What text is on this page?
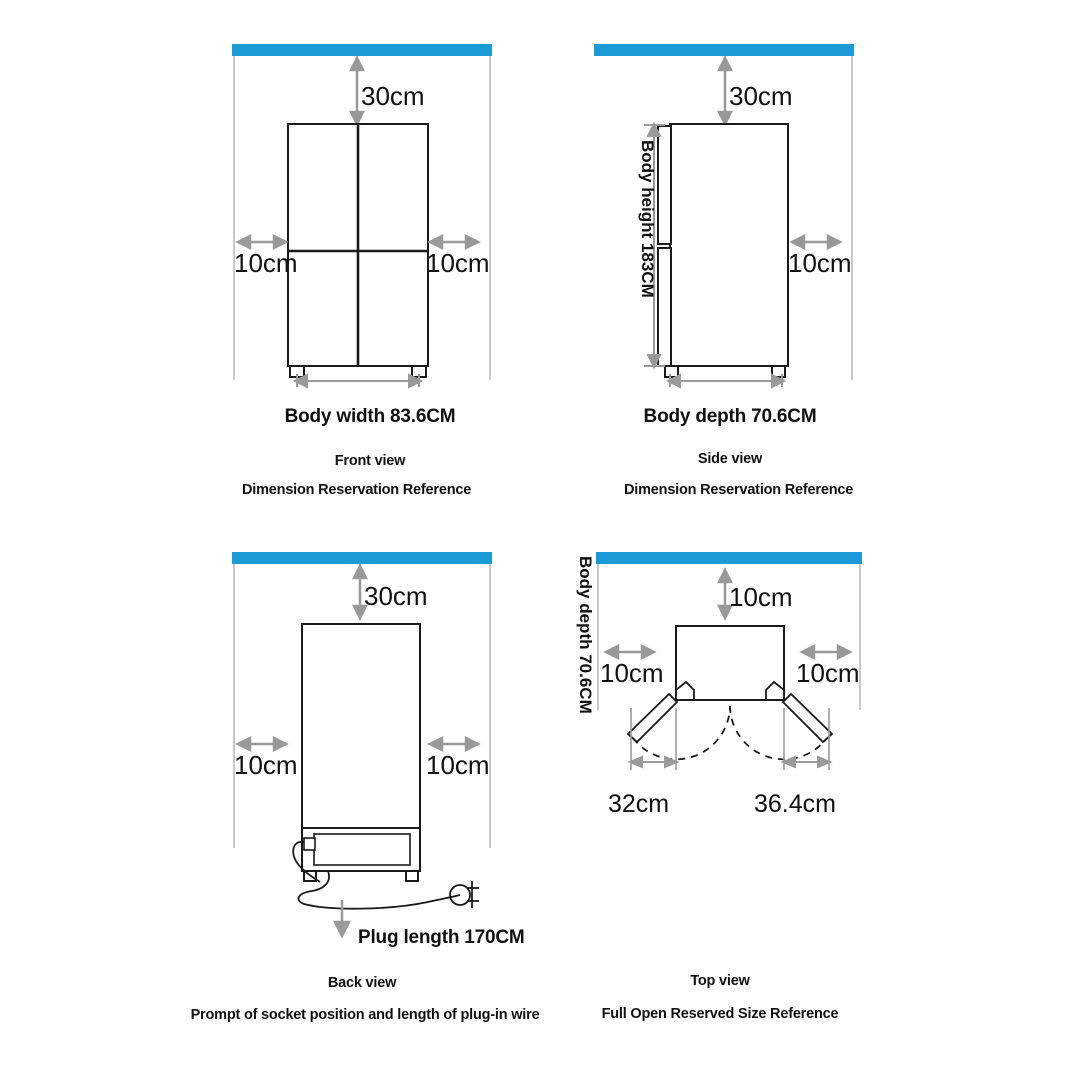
30cm
10cm	10cm
Body width 83.6CM
Front view
Dimension Reservation Reference
30cm
10cm
Body height 183CM
Body depth 70.6CM
Side view
Dimension Reservation Reference
30cm
10cm	10cm
Plug length 170CM
Back view
Prompt of socket position and length of plug-in wire
10cm
10cm	10cm
32cm	36.4cm
Body depth 70.6CM
Top view
Full Open Reserved Size Reference
